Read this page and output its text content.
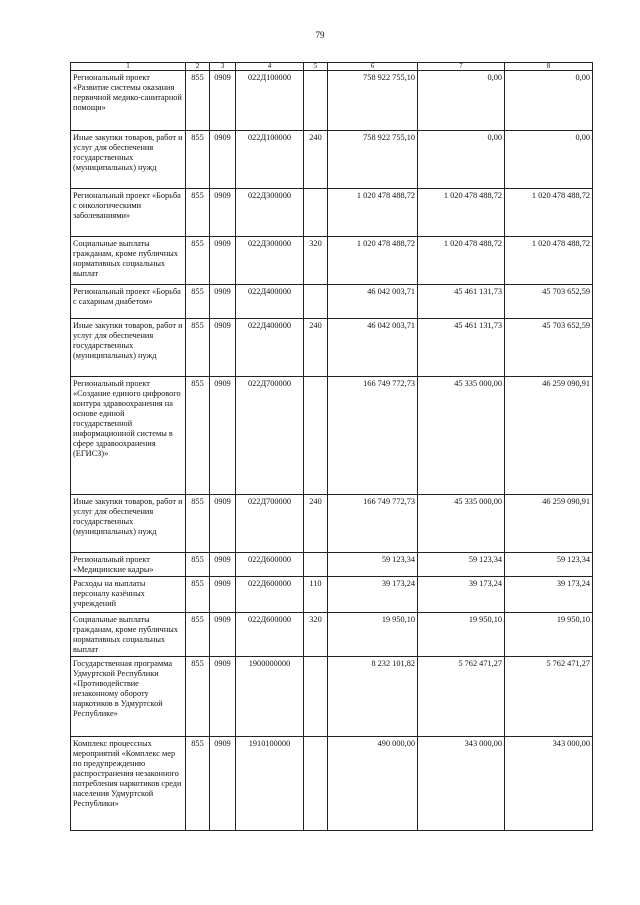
79
1	2	3	4	5	6	7	8
Региональный проект «Развитие системы оказания первичной медико-санитарной помощи»	855	0909	022Д100000		758 922 755,10	0,00	0,00
Иные закупки товаров, работ и услуг для обеспечения государственных (муниципальных) нужд	855	0909	022Д100000	240	758 922 755,10	0,00	0,00
Региональный проект «Борьба с онкологическими заболеваниями»	855	0909	022Д300000		1 020 478 488,72	1 020 478 488,72	1 020 478 488,72
Социальные выплаты гражданам, кроме публичных нормативных социальных выплат	855	0909	022Д300000	320	1 020 478 488,72	1 020 478 488,72	1 020 478 488,72
Региональный проект «Борьба с сахарным диабетом»	855	0909	022Д400000		46 042 003,71	45 461 131,73	45 703 652,59
Иные закупки товаров, работ и услуг для обеспечения государственных (муниципальных) нужд	855	0909	022Д400000	240	46 042 003,71	45 461 131,73	45 703 652,59
Региональный проект «Создание единого цифрового контура здравоохранения на основе единой государственной информационной системы в сфере здравоохранения (ЕГИСЗ)»	855	0909	022Д700000		166 749 772,73	45 335 000,00	46 259 090,91
Иные закупки товаров, работ и услуг для обеспечения государственных (муниципальных) нужд	855	0909	022Д700000	240	166 749 772,73	45 335 000,00	46 259 090,91
Региональный проект «Медицинские кадры»	855	0909	022Д600000		59 123,34	59 123,34	59 123,34
Расходы на выплаты персоналу казённых учреждений	855	0909	022Д600000	110	39 173,24	39 173,24	39 173,24
Социальные выплаты гражданам, кроме публичных нормативных социальных выплат	855	0909	022Д600000	320	19 950,10	19 950,10	19 950,10
Государственная программа Удмуртской Республики «Противодействие незаконному обороту наркотиков в Удмуртской Республике»	855	0909	1900000000		8 232 101,82	5 762 471,27	5 762 471,27
Комплекс процессных мероприятий «Комплекс мер по предупреждению распространения незаконного потребления наркотиков среди населения Удмуртской Республики»	855	0909	1910100000		490 000,00	343 000,00	343 000,00
